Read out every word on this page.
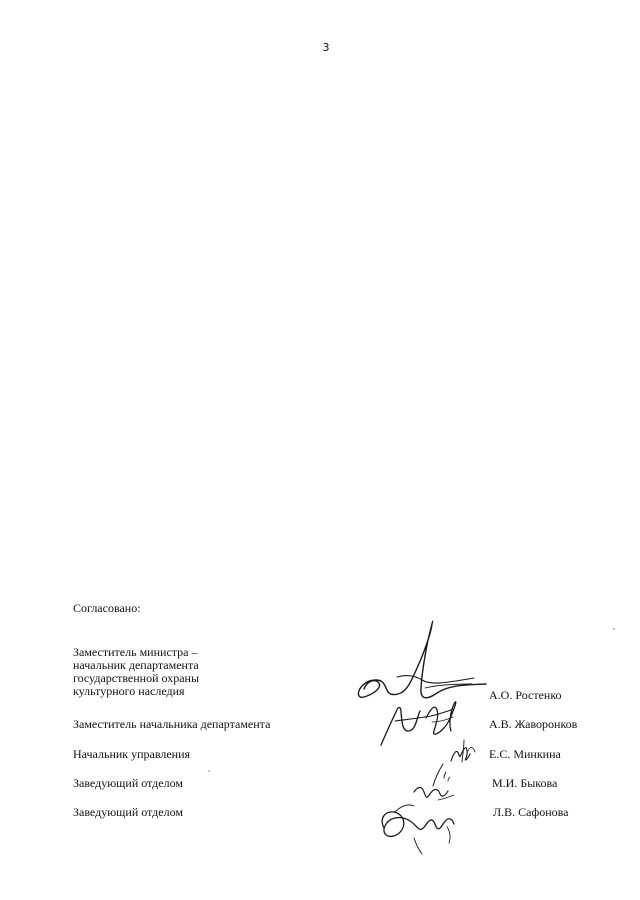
3
Согласовано:
Заместитель министра –
начальник департамента
государственной охраны
культурного наследия	А.О. Ростенко
Заместитель начальника департамента	А.В. Жаворонков
Начальник управления	Е.С. Минкина
Заведующий отделом	М.И. Быкова
Заведующий отделом	Л.В. Сафонова
